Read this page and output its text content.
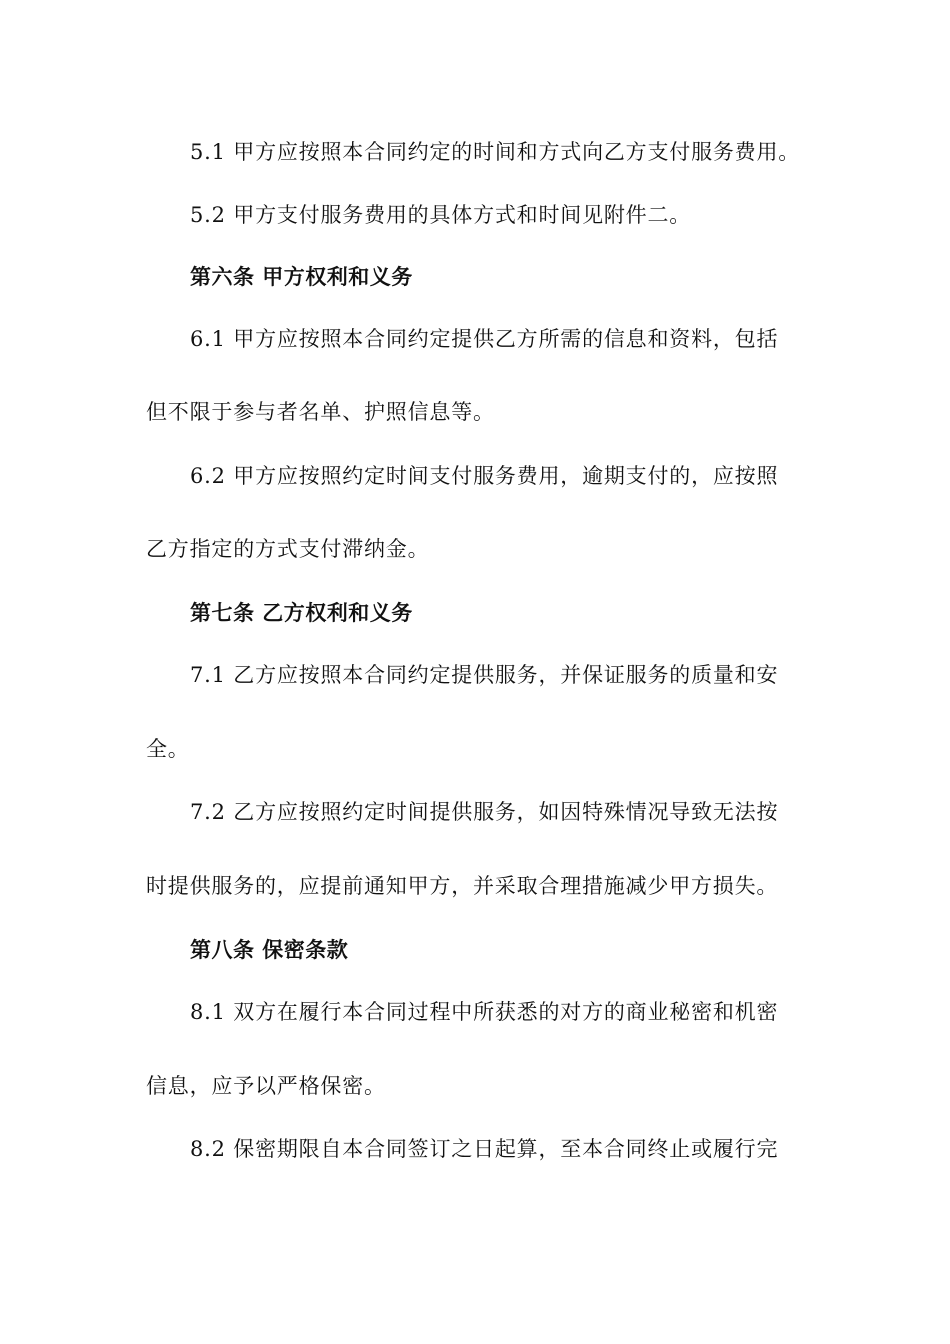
5.1 甲方应按照本合同约定的时间和方式向乙方支付服务费用。
5.2 甲方支付服务费用的具体方式和时间见附件二。
第六条 甲方权利和义务
6.1 甲方应按照本合同约定提供乙方所需的信息和资料，包括
但不限于参与者名单、护照信息等。
6.2 甲方应按照约定时间支付服务费用，逾期支付的，应按照
乙方指定的方式支付滞纳金。
第七条 乙方权利和义务
7.1 乙方应按照本合同约定提供服务，并保证服务的质量和安
全。
7.2 乙方应按照约定时间提供服务，如因特殊情况导致无法按
时提供服务的，应提前通知甲方，并采取合理措施减少甲方损失。
第八条 保密条款
8.1 双方在履行本合同过程中所获悉的对方的商业秘密和机密
信息，应予以严格保密。
8.2 保密期限自本合同签订之日起算，至本合同终止或履行完
